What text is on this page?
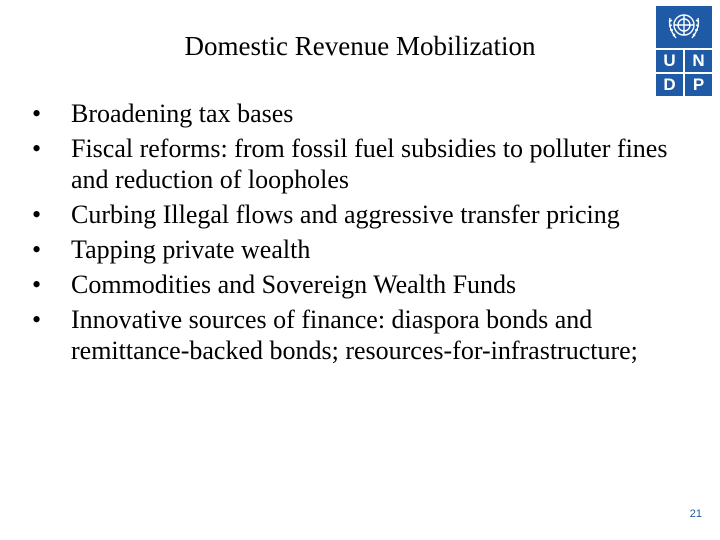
Domestic Revenue Mobilization	U N
D	P
• Broadening tax bases
• Fiscal reforms: from fossil fuel subsidies to polluter fines and reduction of loopholes
• Curbing Illegal flows and aggressive transfer pricing
• Tapping private wealth
• Commodities and Sovereign Wealth Funds
• Innovative sources of finance: diaspora bonds and remittance-backed bonds; resources-for-infrastructure;
21
